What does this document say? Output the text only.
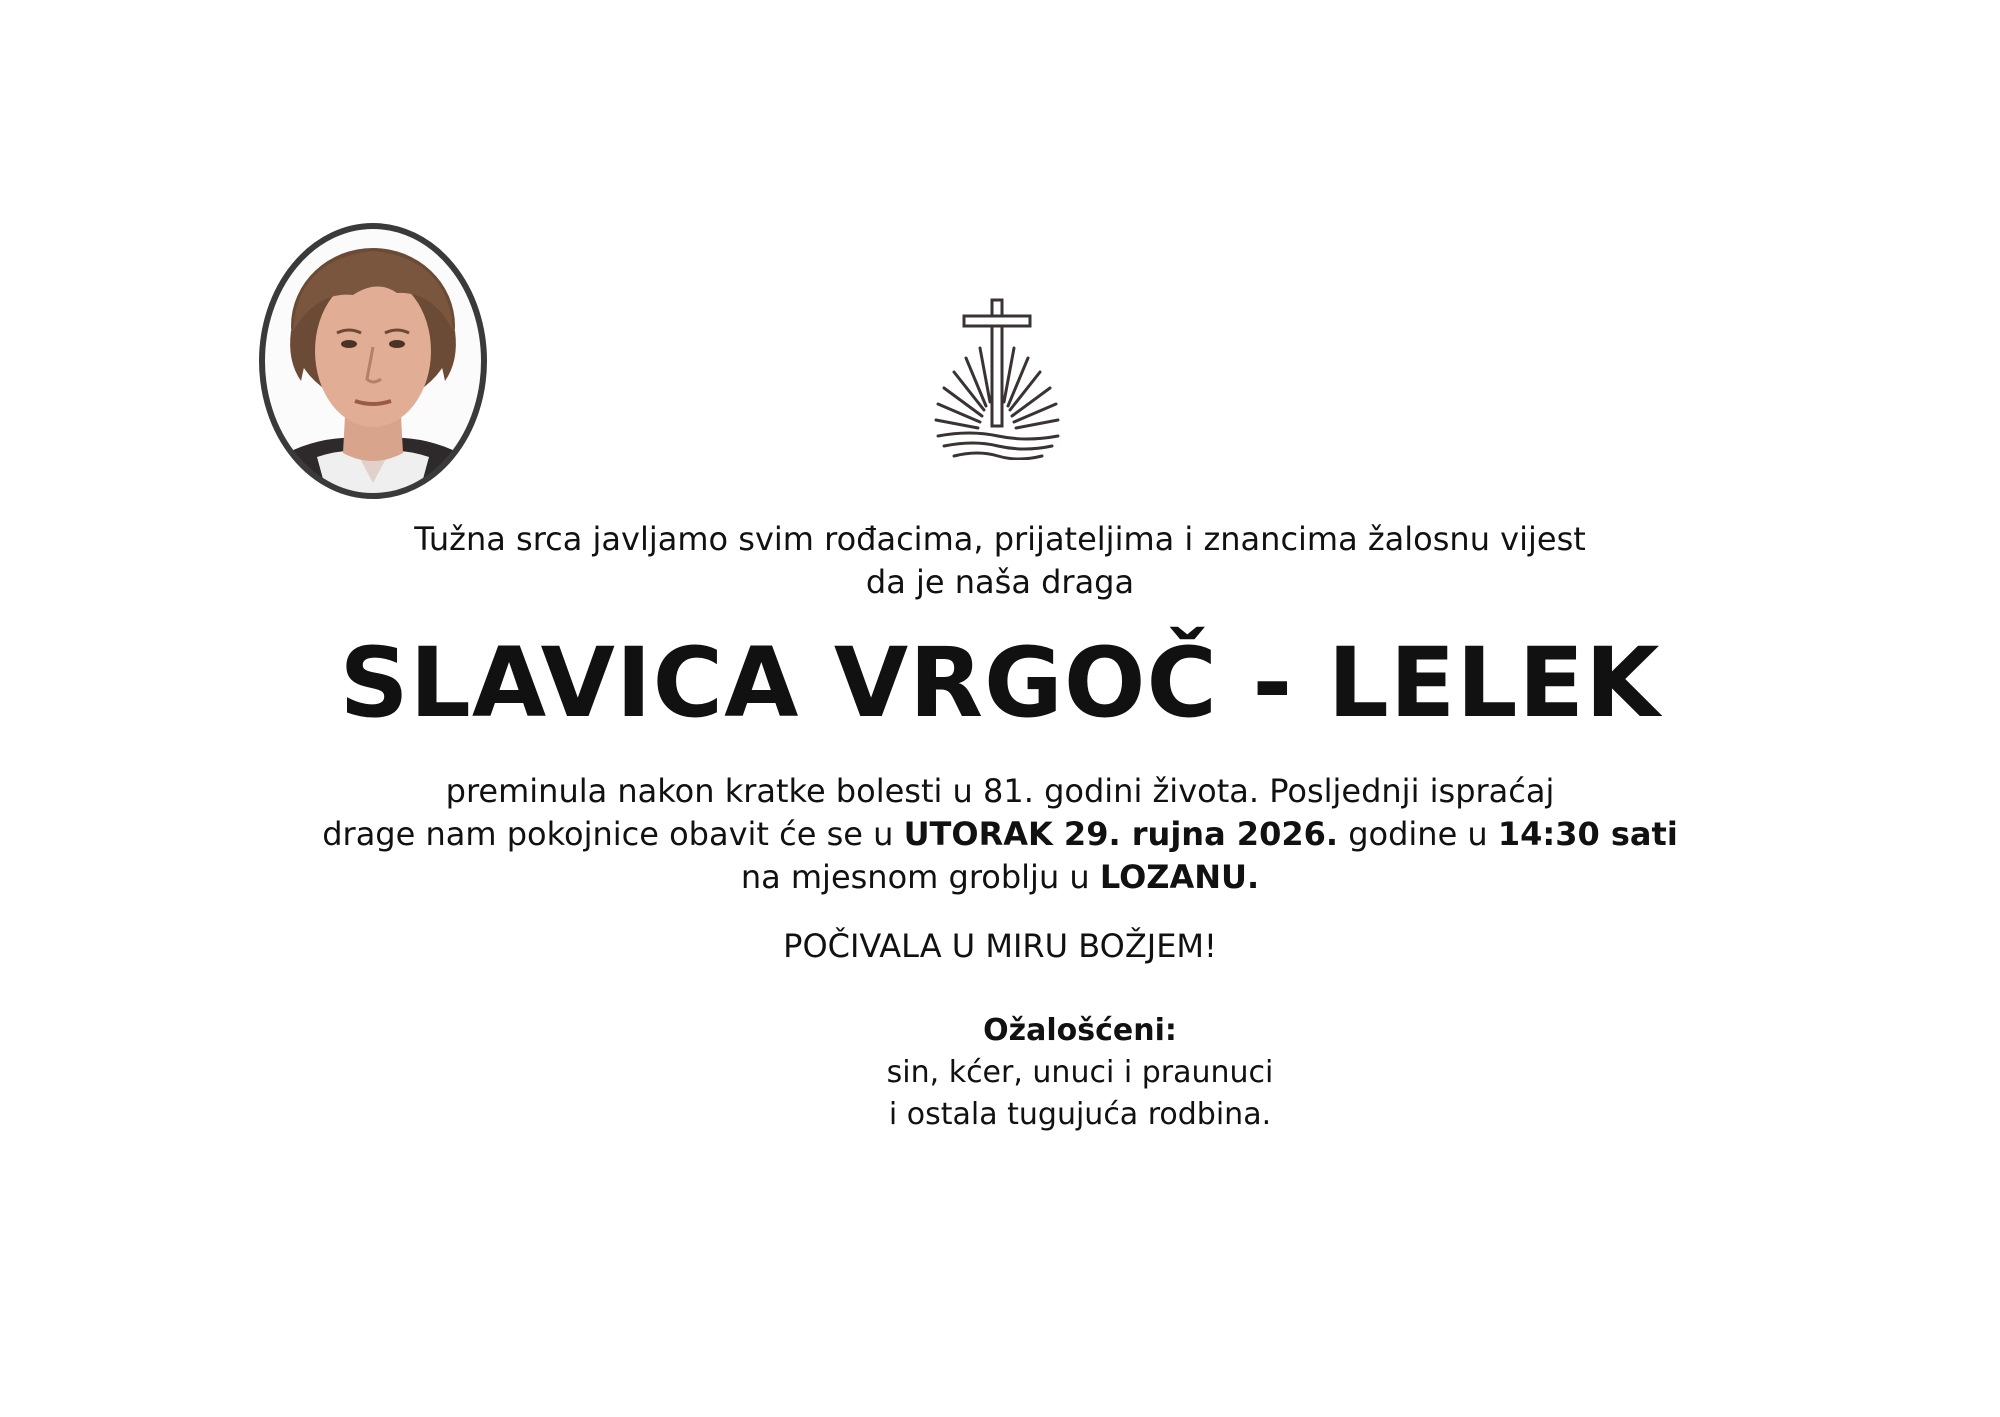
Tužna srca javljamo svim rođacima, prijateljima i znancima žalosnu vijest
da je naša draga
SLAVICA VRGOČ - LELEK
preminula nakon kratke bolesti u 81. godini života. Posljednji ispraćaj
drage nam pokojnice obavit će se u UTORAK 29. rujna 2026. godine u 14:30 sati
na mjesnom groblju u LOZANU.
POČIVALA U MIRU BOŽJEM!
Ožalošćeni:
sin, kćer, unuci i praunuci
i ostala tugujuća rodbina.
